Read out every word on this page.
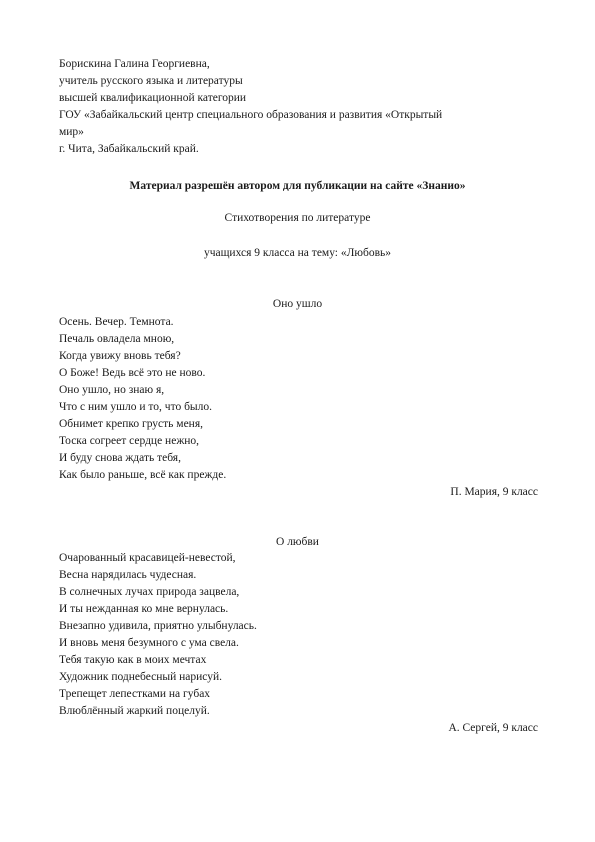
Борискина Галина Георгиевна,
учитель русского языка и литературы
высшей квалификационной категории
ГОУ «Забайкальский центр специального образования и развития «Открытый
мир»
г. Чита, Забайкальский край.
Материал разрешён автором для публикации на сайте «Знанио»
Стихотворения по литературе
учащихся 9 класса на тему: «Любовь»
Оно ушло
Осень. Вечер. Темнота.
Печаль овладела мною,
Когда увижу вновь тебя?
О Боже! Ведь всё это не ново.
Оно ушло, но знаю я,
Что с ним ушло и то, что было.
Обнимет крепко грусть меня,
Тоска согреет сердце нежно,
И буду снова ждать тебя,
Как было раньше, всё как прежде.
П. Мария, 9 класс
О любви
Очарованный красавицей-невестой,
Весна нарядилась чудесная.
В солнечных лучах природа зацвела,
И ты нежданная ко мне вернулась.
Внезапно удивила, приятно улыбнулась.
И вновь меня безумного с ума свела.
Тебя такую как в моих мечтах
Художник поднебесный нарисуй.
Трепещет лепестками на губах
Влюблённый жаркий поцелуй.
А. Сергей, 9 класс
